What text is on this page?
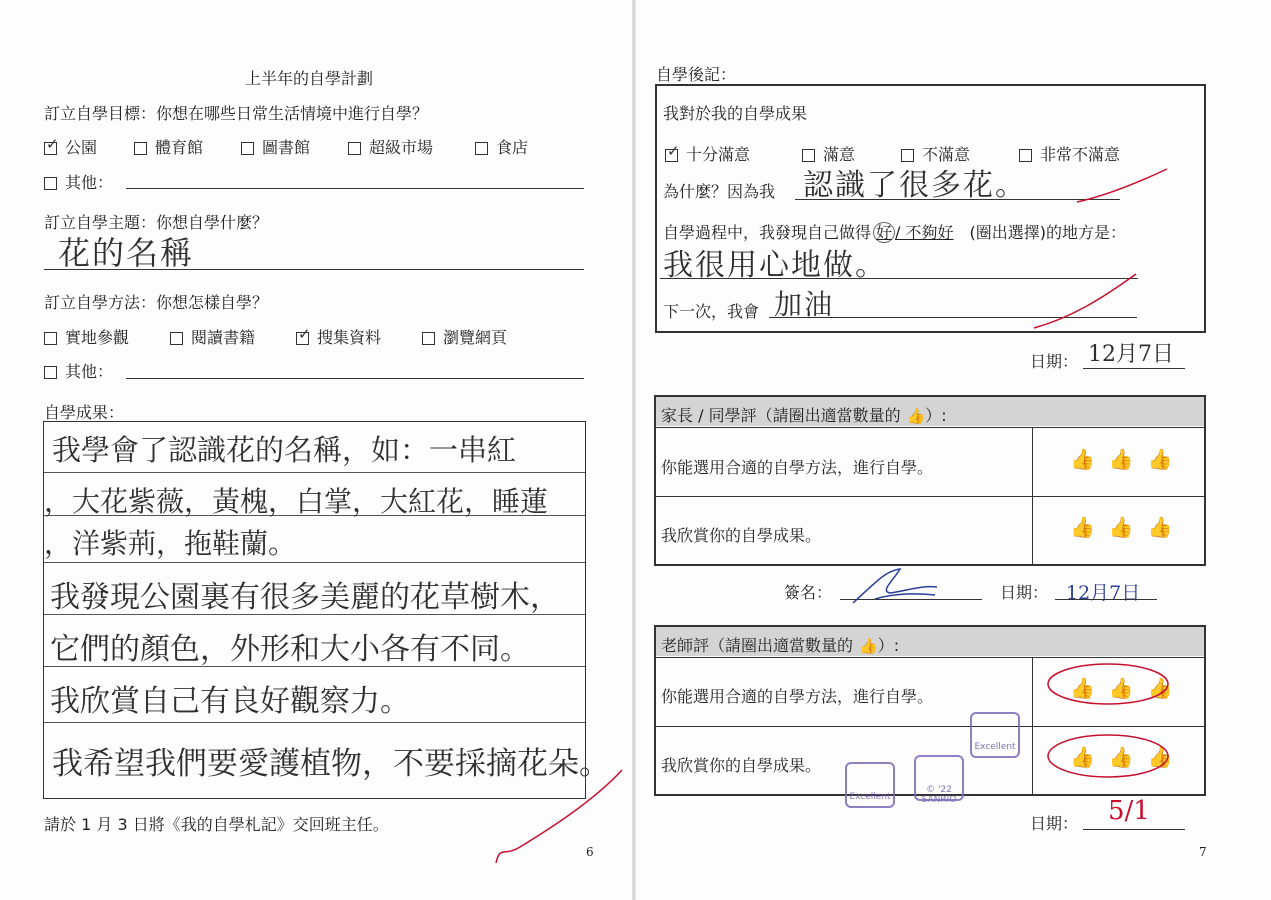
上半年的自學計劃
訂立自學目標：你想在哪些日常生活情境中進行自學？
✓公園	體育館	圖書館	超級市場	食店
其他：
訂立自學主題：你想自學什麼？
花的名稱
訂立自學方法：你想怎樣自學？
實地參觀	閱讀書籍 ✓	搜集資料	瀏覽網頁
其他：
自學成果：
我學會了認識花的名稱，如：一串紅
，大花紫薇，黃槐，白掌，大紅花，睡蓮
，洋紫荊，拖鞋蘭。
我發現公園裏有很多美麗的花草樹木，
它們的顏色，外形和大小各有不同。
我欣賞自己有良好觀察力。
我希望我們要愛護植物，不要採摘花朵。
請於 1 月 3 日將《我的自學札記》交回班主任。
6
自學後記：
我對於我的自學成果
✓十分滿意	滿意	不滿意	非常不滿意
為什麼？因為我 認識了很多花。
自學過程中，我發現自己做得 好 / 不夠好 (圈出選擇)的地方是：
我很用心地做。
下一次，我會 加油
日期： 12月7日
家長 / 同學評（請圈出適當數量的 👍）:
你能選用合適的自學方法，進行自學。	👍👍👍
我欣賞你的自學成果。	👍👍👍
簽名：	日期： 12月7日
老師評（請圈出適當數量的 👍）:
你能選用合適的自學方法，進行自學。	👍👍👍
我欣賞你的自學成果。	👍👍👍
Excellent
© '22 SANRIO
Excellent
日期： 5/1
7
